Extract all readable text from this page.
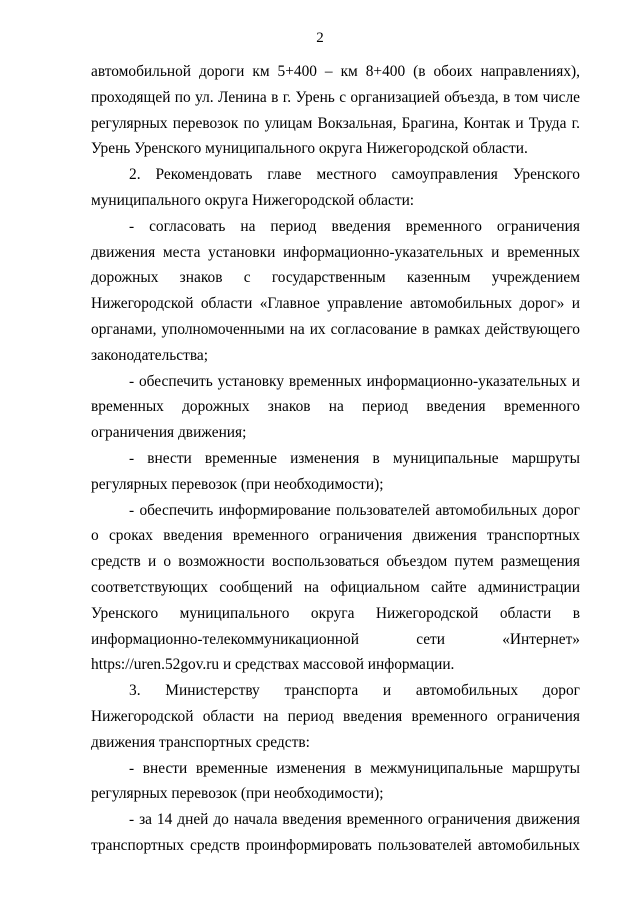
2

автомобильной дороги км 5+400 – км 8+400 (в обоих направлениях), проходящей по ул. Ленина в г. Урень с организацией объезда, в том числе регулярных перевозок по улицам Вокзальная, Брагина, Контак и Труда г. Урень Уренского муниципального округа Нижегородской области.

2. Рекомендовать главе местного самоуправления Уренского муниципального округа Нижегородской области:

- согласовать на период введения временного ограничения движения места установки информационно-указательных и временных дорожных знаков с государственным казенным учреждением Нижегородской области «Главное управление автомобильных дорог» и органами, уполномоченными на их согласование в рамках действующего законодательства;

- обеспечить установку временных информационно-указательных и временных дорожных знаков на период введения временного ограничения движения;

- внести временные изменения в муниципальные маршруты регулярных перевозок (при необходимости);

- обеспечить информирование пользователей автомобильных дорог о сроках введения временного ограничения движения транспортных средств и о возможности воспользоваться объездом путем размещения соответствующих сообщений на официальном сайте администрации Уренского муниципального округа Нижегородской области в информационно-телекоммуникационной сети «Интернет» https://uren.52gov.ru и средствах массовой информации.

3. Министерству транспорта и автомобильных дорог Нижегородской области на период введения временного ограничения движения транспортных средств:

- внести временные изменения в межмуниципальные маршруты регулярных перевозок (при необходимости);

- за 14 дней до начала введения временного ограничения движения транспортных средств проинформировать пользователей автомобильных
